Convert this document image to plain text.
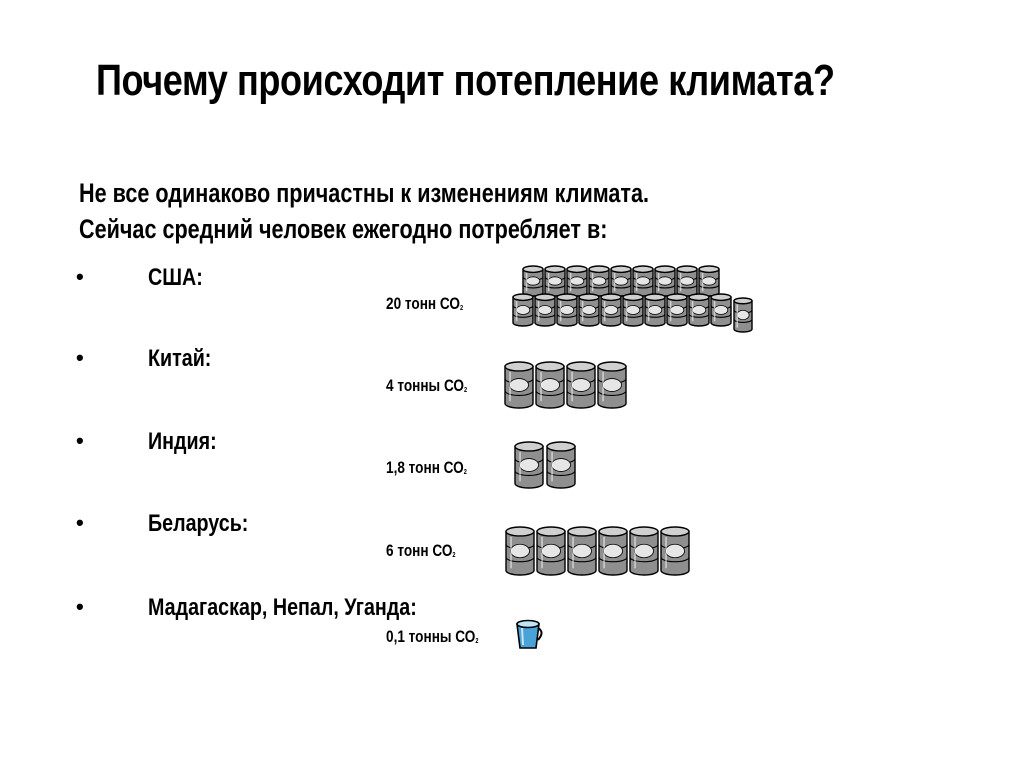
Почему происходит потепление климата?
Не все одинаково причастны к изменениям климата.
Сейчас средний человек ежегодно потребляет в:
•	США:
20 тонн $СО_2$
•	Китай:
4 тонны $СО_2$
•	Индия:
1,8 тонн $СО_2$
•	Беларусь:
6 тонн $СО_2$
•	Мадагаскар, Непал, Уганда:
0,1 тонны $СО_2$
